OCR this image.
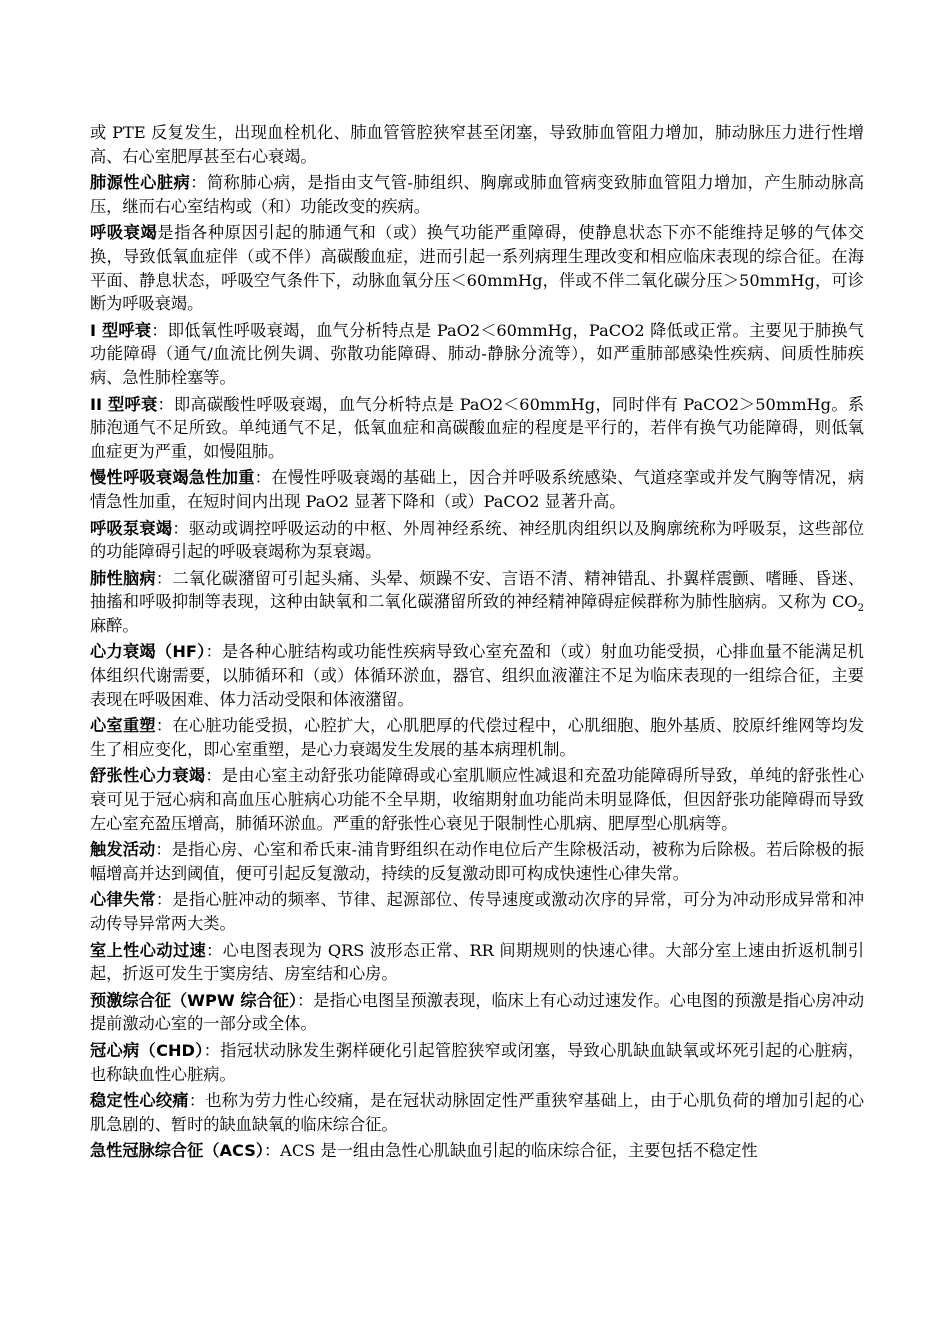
或 PTE 反复发生，出现血栓机化、肺血管管腔狭窄甚至闭塞，导致肺血管阻力增加，肺动脉压力进行性增高、右心室肥厚甚至右心衰竭。

肺源性心脏病：简称肺心病，是指由支气管-肺组织、胸廓或肺血管病变致肺血管阻力增加，产生肺动脉高压，继而右心室结构或（和）功能改变的疾病。

呼吸衰竭是指各种原因引起的肺通气和（或）换气功能严重障碍，使静息状态下亦不能维持足够的气体交换，导致低氧血症伴（或不伴）高碳酸血症，进而引起一系列病理生理改变和相应临床表现的综合征。在海平面、静息状态，呼吸空气条件下，动脉血氧分压＜60mmHg，伴或不伴二氧化碳分压＞50mmHg，可诊断为呼吸衰竭。

I 型呼衰：即低氧性呼吸衰竭，血气分析特点是 PaO2＜60mmHg，PaCO2 降低或正常。主要见于肺换气功能障碍（通气/血流比例失调、弥散功能障碍、肺动-静脉分流等），如严重肺部感染性疾病、间质性肺疾病、急性肺栓塞等。

II 型呼衰：即高碳酸性呼吸衰竭，血气分析特点是 PaO2＜60mmHg，同时伴有 PaCO2＞50mmHg。系肺泡通气不足所致。单纯通气不足，低氧血症和高碳酸血症的程度是平行的，若伴有换气功能障碍，则低氧血症更为严重，如慢阻肺。

慢性呼吸衰竭急性加重：在慢性呼吸衰竭的基础上，因合并呼吸系统感染、气道痉挛或并发气胸等情况，病情急性加重，在短时间内出现 PaO2 显著下降和（或）PaCO2 显著升高。

呼吸泵衰竭：驱动或调控呼吸运动的中枢、外周神经系统、神经肌肉组织以及胸廓统称为呼吸泵，这些部位的功能障碍引起的呼吸衰竭称为泵衰竭。

肺性脑病：二氧化碳潴留可引起头痛、头晕、烦躁不安、言语不清、精神错乱、扑翼样震颤、嗜睡、昏迷、抽搐和呼吸抑制等表现，这种由缺氧和二氧化碳潴留所致的神经精神障碍症候群称为肺性脑病。又称为 $CO_2$麻醉。

心力衰竭（HF）：是各种心脏结构或功能性疾病导致心室充盈和（或）射血功能受损，心排血量不能满足机体组织代谢需要，以肺循环和（或）体循环淤血，器官、组织血液灌注不足为临床表现的一组综合征，主要表现在呼吸困难、体力活动受限和体液潴留。

心室重塑：在心脏功能受损，心腔扩大，心肌肥厚的代偿过程中，心肌细胞、胞外基质、胶原纤维网等均发生了相应变化，即心室重塑，是心力衰竭发生发展的基本病理机制。

舒张性心力衰竭：是由心室主动舒张功能障碍或心室肌顺应性减退和充盈功能障碍所导致，单纯的舒张性心衰可见于冠心病和高血压心脏病心功能不全早期，收缩期射血功能尚未明显降低，但因舒张功能障碍而导致左心室充盈压增高，肺循环淤血。严重的舒张性心衰见于限制性心肌病、肥厚型心肌病等。

触发活动：是指心房、心室和希氏束-浦肯野组织在动作电位后产生除极活动，被称为后除极。若后除极的振幅增高并达到阈值，便可引起反复激动，持续的反复激动即可构成快速性心律失常。

心律失常：是指心脏冲动的频率、节律、起源部位、传导速度或激动次序的异常，可分为冲动形成异常和冲动传导异常两大类。

室上性心动过速：心电图表现为 QRS 波形态正常、RR 间期规则的快速心律。大部分室上速由折返机制引起，折返可发生于窦房结、房室结和心房。

预激综合征（WPW 综合征）：是指心电图呈预激表现，临床上有心动过速发作。心电图的预激是指心房冲动提前激动心室的一部分或全体。

冠心病（CHD）：指冠状动脉发生粥样硬化引起管腔狭窄或闭塞，导致心肌缺血缺氧或坏死引起的心脏病，也称缺血性心脏病。

稳定性心绞痛：也称为劳力性心绞痛，是在冠状动脉固定性严重狭窄基础上，由于心肌负荷的增加引起的心肌急剧的、暂时的缺血缺氧的临床综合征。

急性冠脉综合征（ACS）：ACS 是一组由急性心肌缺血引起的临床综合征，主要包括不稳定性
